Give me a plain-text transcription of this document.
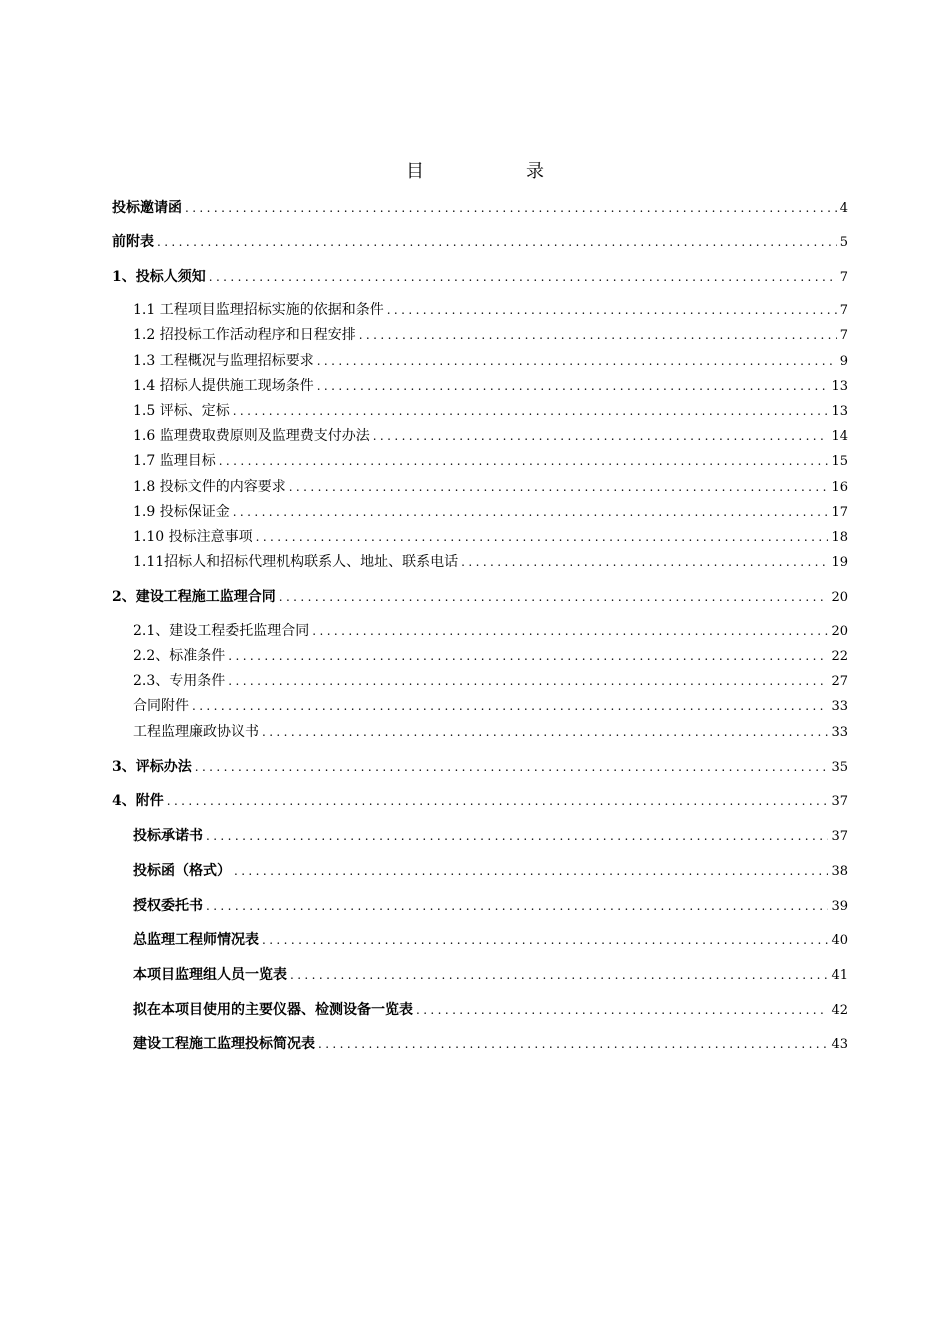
目　录
投标邀请函 .....	4
前附表 .....	5
1、投标人须知 .....	7
1.1 工程项目监理招标实施的依据和条件 .....	7
1.2 招投标工作活动程序和日程安排 .....	7
1.3 工程概况与监理招标要求 .....	9
1.4 招标人提供施工现场条件 .....	13
1.5 评标、定标 .....	13
1.6 监理费取费原则及监理费支付办法 .....	14
1.7 监理目标 .....	15
1.8 投标文件的内容要求 .....	16
1.9 投标保证金 .....	17
1.10 投标注意事项 .....	18
1.11招标人和招标代理机构联系人、地址、联系电话 .....	19
2、建设工程施工监理合同 .....	20
2.1、建设工程委托监理合同 .....	20
2.2、标准条件 .....	22
2.3、专用条件 .....	27
合同附件 .....	33
工程监理廉政协议书 .....	33
3、评标办法 .....	35
4、附件 .....	37
投标承诺书 .....	37
投标函（格式） .....	38
授权委托书 .....	39
总监理工程师情况表 .....	40
本项目监理组人员一览表 .....	41
拟在本项目使用的主要仪器、检测设备一览表 .....	42
建设工程施工监理投标简况表 .....	43
